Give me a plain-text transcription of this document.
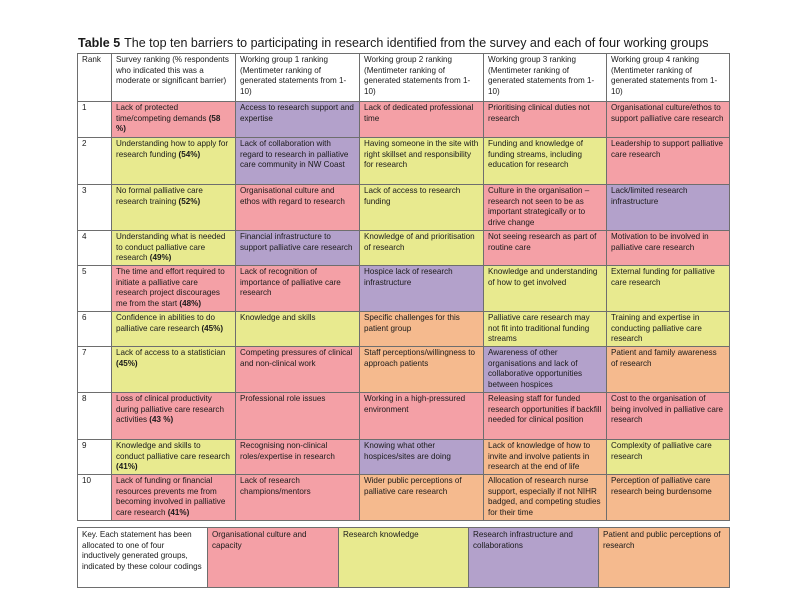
Table 5 The top ten barriers to participating in research identified from the survey and each of four working groups
Rank	Survey ranking (% respondents who indicated this was a moderate or significant barrier)	Working group 1 ranking (Mentimeter ranking of generated statements from 1-10)	Working group 2 ranking (Mentimeter ranking of generated statements from 1-10)	Working group 3 ranking (Mentimeter ranking of generated statements from 1-10)	Working group 4 ranking (Mentimeter ranking of generated statements from 1-10)
1	Lack of protected time/competing demands (58 %)	Access to research support and expertise	Lack of dedicated professional time	Prioritising clinical duties not research	Organisational culture/ethos to support palliative care research
2	Understanding how to apply for research funding (54%)	Lack of collaboration with regard to research in palliative care community in NW Coast	Having someone in the site with right skillset and responsibility for research	Funding and knowledge of funding streams, including education for research	Leadership to support palliative care research
3	No formal palliative care research training (52%)	Organisational culture and ethos with regard to research	Lack of access to research funding	Culture in the organisation – research not seen to be as important strategically or to drive change	Lack/limited research infrastructure
4	Understanding what is needed to conduct palliative care research (49%)	Financial infrastructure to support palliative care research	Knowledge of and prioritisation of research	Not seeing research as part of routine care	Motivation to be involved in palliative care research
5	The time and effort required to initiate a palliative care research project discourages me from the start (48%)	Lack of recognition of importance of palliative care research	Hospice lack of research infrastructure	Knowledge and understanding of how to get involved	External funding for palliative care research
6	Confidence in abilities to do palliative care research (45%)	Knowledge and skills	Specific challenges for this patient group	Palliative care research may not fit into traditional funding streams	Training and expertise in conducting palliative care research
7	Lack of access to a statistician (45%)	Competing pressures of clinical and non-clinical work	Staff perceptions/willingness to approach patients	Awareness of other organisations and lack of collaborative opportunities between hospices	Patient and family awareness of research
8	Loss of clinical productivity during palliative care research activities (43 %)	Professional role issues	Working in a high-pressured environment	Releasing staff for funded research opportunities if backfill needed for clinical position	Cost to the organisation of being involved in palliative care research
9	Knowledge and skills to conduct palliative care research (41%)	Recognising non-clinical roles/expertise in research	Knowing what other hospices/sites are doing	Lack of knowledge of how to invite and involve patients in research at the end of life	Complexity of palliative care research
10	Lack of funding or financial resources prevents me from becoming involved in palliative care research (41%)	Lack of research champions/mentors	Wider public perceptions of palliative care research	Allocation of research nurse support, especially if not NIHR badged, and competing studies for their time	Perception of palliative care research being burdensome
Key. Each statement has been allocated to one of four inductively generated groups, indicated by these colour codings	Organisational culture and capacity	Research knowledge	Research infrastructure and collaborations	Patient and public perceptions of research
